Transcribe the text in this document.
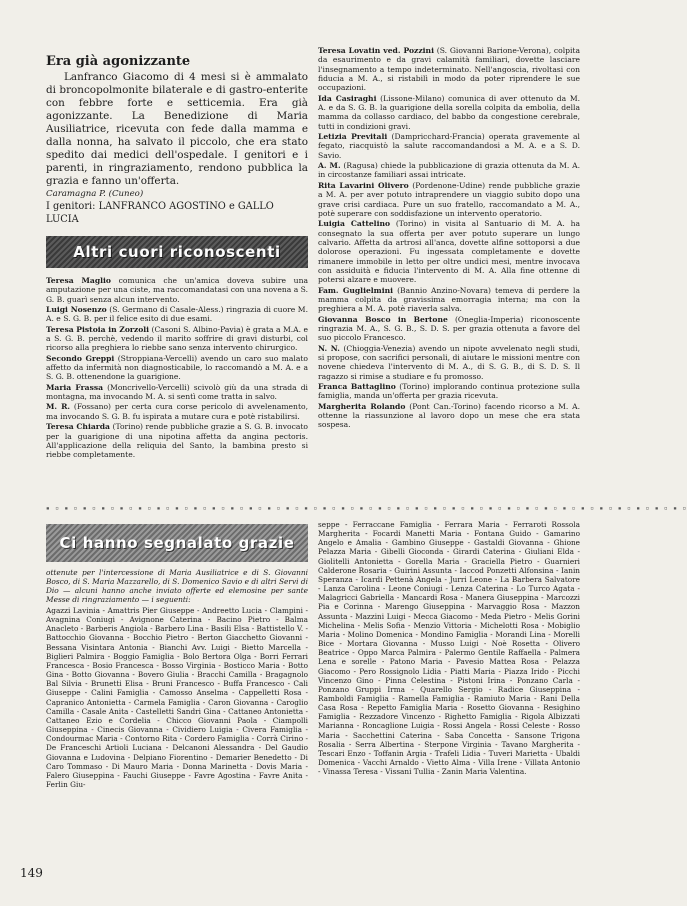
Era già agonizzante

Lanfranco Giacomo di 4 mesi si è ammalato di broncopolmonite bilaterale e di gastro-enterite con febbre forte e setticemia. Era già agonizzante. La Benedizione di Maria Ausiliatrice, ricevuta con fede dalla mamma e dalla nonna, ha salvato il piccolo, che era stato spedito dai medici dell'ospedale. I genitori e i parenti, in ringraziamento, rendono pubblica la grazia e fanno un'offerta.

Caramagna P. (Cuneo)
I genitori: LANFRANCO AGOSTINO e GALLO LUCIA
Altri cuori riconoscenti

Teresa Maglio comunica che un'amica doveva subire una amputazione per una ciste, ma raccomandatasi con una novena a S. G. B. guarì senza alcun intervento.

Luigi Nosenzo (S. Germano di Casale-Aless.) ringrazia di cuore M. A. e S. G. B. per il felice esito di due esami.

Teresa Pistoia in Zorzoli (Casoni S. Albino-Pavia) è grata a M.A. e a S. G. B. perchè, vedendo il marito soffrire di gravi disturbi, col ricorso alla preghiera lo riebbe sano senza intervento chirurgico.

Secondo Greppi (Stroppiana-Vercelli) avendo un caro suo malato affetto da infermità non diagnosticabile, lo raccomandò a M. A. e a S. G. B. ottenendone la guarigione.

Maria Frassa (Moncrivello-Vercelli) scivolò giù da una strada di montagna, ma invocando M. A. si sentì come tratta in salvo.

M. R. (Fossano) per certa cura corse pericolo di avvelenamento, ma invocando S. G. B. fu ispirata a mutare cura e potè ristabilirsi.

Teresa Chiarda (Torino) rende pubbliche grazie a S. G. B. invocato per la guarigione di una nipotina affetta da angina pectoris. All'applicazione della reliquia del Santo, la bambina presto si riebbe completamente.

Teresa Lovatin ved. Pozzini (S. Giovanni Barione-Verona), colpita da esaurimento e da gravi calamità familiari, dovette lasciare l'insegnamento a tempo indeterminato. Nell'angoscia, rivoltasi con fiducia a M. A., si ristabilì in modo da poter riprendere le sue occupazioni.

Ida Casiraghi (Lissone-Milano) comunica di aver ottenuto da M. A. e da S. G. B. la guarigione della sorella colpita da embolia, della mamma da collasso cardiaco, del babbo da congestione cerebrale, tutti in condizioni gravi.

Letizia Previtali (Dampricchard-Francia) operata gravemente al fegato, riacquistò la salute raccomandandosi a M. A. e a S. D. Savio.

A. M. (Ragusa) chiede la pubblicazione di grazia ottenuta da M. A. in circostanze familiari assai intricate.

Rita Lavarini Olivero (Pordenone-Udine) rende pubbliche grazie a M. A. per aver potuto intraprendere un viaggio subito dopo una grave crisi cardiaca. Pure un suo fratello, raccomandato a M. A., potè superare con soddisfazione un intervento operatorio.

Luigia Cattelino (Torino) in visita al Santuario di M. A. ha consegnato la sua offerta per aver potuto superare un lungo calvario. Affetta da artrosi all'anca, dovette alfine sottoporsi a due dolorose operazioni. Fu ingessata completamente e dovette rimanere immobile in letto per oltre undici mesi, mentre invocava con assiduità e fiducia l'intervento di M. A. Alla fine ottenne di potersi alzare e muovere.

Fam. Guglielmini (Bannio Anzino-Novara) temeva di perdere la mamma colpita da gravissima emorragia interna; ma con la preghiera a M. A. potè riaverla salva.

Giovanna Bosco in Bertone (Oneglia-Imperia) riconoscente ringrazia M. A., S. G. B., S. D. S. per grazia ottenuta a favore del suo piccolo Francesco.

N. N. (Chioggia-Venezia) avendo un nipote avvelenato negli studi, si propose, con sacrifici personali, di aiutare le missioni mentre con novene chiedeva l'intervento di M. A., di S. G. B., di S. D. S. Il ragazzo si rimise a studiare e fu promosso.

Franca Battaglino (Torino) implorando continua protezione sulla famiglia, manda un'offerta per grazia ricevuta.

Margherita Rolando (Pont Can.-Torino) facendo ricorso a M. A. ottenne la riassunzione al lavoro dopo un mese che era stata sospesa.

▪ ▫ ▪ ▫ ▪ ▫ ▪ ▫ ▪ ▫ ▪ ▫ ▪ ▫ ▪ ▫ ▪ ▫ ▪ ▫ ▪ ▫ ▪ ▫ ▪ ▫ ▪ ▫ ▪ ▫ ▪ ▫ ▪ ▫ ▪ ▫ ▪ ▫ ▪ ▫ ▪ ▫ ▪ ▫ ▪ ▫ ▪ ▫ ▪ ▫ ▪ ▫ ▪ ▫ ▪ ▫ ▪ ▫ ▪ ▫ ▪ ▫ ▪ ▫ ▪ ▫ ▪ ▫ ▪ ▫
Ci hanno segnalato grazie

ottenute per l'intercessione di Maria Ausiliatrice e di S. Giovanni Bosco, di S. Maria Mazzarello, di S. Domenico Savio e di altri Servi di Dio — alcuni hanno anche inviato offerte ed elemosine per sante Messe di ringraziamento — i seguenti:

Agazzi Lavinia - Amattris Pier Giuseppe - Andreetto Lucia - Clampini - Avagnina Coniugi - Avignone Caterina - Bacino Pietro - Balma Anacleto - Barberis Angiola - Barbero Lina - Basili Elsa - Battistello V. - Battocchio Giovanna - Bocchio Pietro - Berton Giacchetto Giovanni - Bessana Visintara Antonia - Bianchi Avv. Luigi - Bietto Marcella - Biglieri Palmira - Boggio Famiglia - Bolo Bertora Olga - Borri Ferrari Francesca - Bosio Francesca - Bosso Virginia - Bosticco Maria - Botto Gina - Botto Giovanna - Bovero Giulia - Bracchi Camilla - Bragagnolo Bal Silvia - Brunetti Elisa - Bruni Francesco - Buffa Francesco - Cali Giuseppe - Calini Famiglia - Camosso Anselma - Cappelletti Rosa - Capranico Antonietta - Carmela Famiglia - Caron Giovanna - Caroglio Camilla - Casale Anita - Castelletti Sandri Gina - Cattaneo Antonietta - Cattaneo Ezio e Cordelia - Chicco Giovanni Paola - Ciampolli Giuseppina - Cinecis Giovanna - Cividiero Luigia - Civera Famiglia - Condourmac Maria - Contorno Rita - Cordero Famiglia - Corrà Cirino - De Franceschi Artioli Luciana - Delcanoni Alessandra - Del Gaudio Giovanna e Ludovina - Delpiano Fiorentino - Demarier Benedetto - Di Caro Tommaso - Di Mauro Maria - Donna Marinetta - Dovis Maria - Falero Giuseppina - Fauchi Giuseppe - Favre Agostina - Favre Anita - Ferlin Giu-

seppe - Ferraccane Famiglia - Ferrara Maria - Ferraroti Rossola Margherita - Focardi Manetti Maria - Fontana Guido - Gamarino Angelo e Amalia - Gambino Giuseppe - Gastaldi Giovanna - Ghione Pelazza Maria - Gibelli Gioconda - Girardi Caterina - Giuliani Elda - Giolitelli Antonietta - Gorella Maria - Graciella Pietro - Guarnieri Calderone Rosaria - Guirini Assunta - Iaccod Ponzetti Alfonsina - Ianin Speranza - Icardi Pettenà Angela - Jurri Leone - La Barbera Salvatore - Lanza Carolina - Leone Coniugi - Lenza Caterina - Lo Turco Agata - Malagricci Gabriella - Mancardi Rosa - Manera Giuseppina - Marcozzi Pia e Corinna - Marengo Giuseppina - Marvaggio Rosa - Mazzon Assunta - Mazzini Luigi - Mecca Giacomo - Meda Pietro - Melis Gorini Michelina - Melis Sofia - Menzio Vittoria - Michelotti Rosa - Mobiglio Maria - Molino Domenica - Mondino Famiglia - Morandi Lina - Morelli Bice - Mortara Giovanna - Musso Luigi - Noè Rosetta - Olivero Beatrice - Oppo Marca Palmira - Palermo Gentile Raffaella - Palmera Lena e sorelle - Patono Maria - Pavesio Mattea Rosa - Pelazza Giacomo - Pero Rossignolo Lidia - Piatti Maria - Piazza Irido - Picchi Vincenzo Gino - Pinna Celestina - Pistoni Irina - Ponzano Carla - Ponzano Gruppi Irma - Quarello Sergio - Radice Giuseppina - Ramboldi Famiglia - Ramella Famiglia - Ramiuto Maria - Rani Della Casa Rosa - Repetto Famiglia Maria - Rosetto Giovanna - Resighino Famiglia - Rezzadore Vincenzo - Righetto Famiglia - Rigola Albizzati Marianna - Roncaglione Luigia - Rossi Angela - Rossi Celeste - Rosso Maria - Sacchettini Caterina - Saba Concetta - Sansone Trigona Rosalia - Serra Albertina - Sterpone Virginia - Tavano Margherita - Tescari Enzo - Toffanin Argia - Trafeli Lidia - Tuveri Marietta - Ubaldi Domenica - Vacchi Arnaldo - Vietto Alma - Villa Irene - Villata Antonio - Vinassa Teresa - Vissani Tullia - Zanin Maria Valentina.

149
